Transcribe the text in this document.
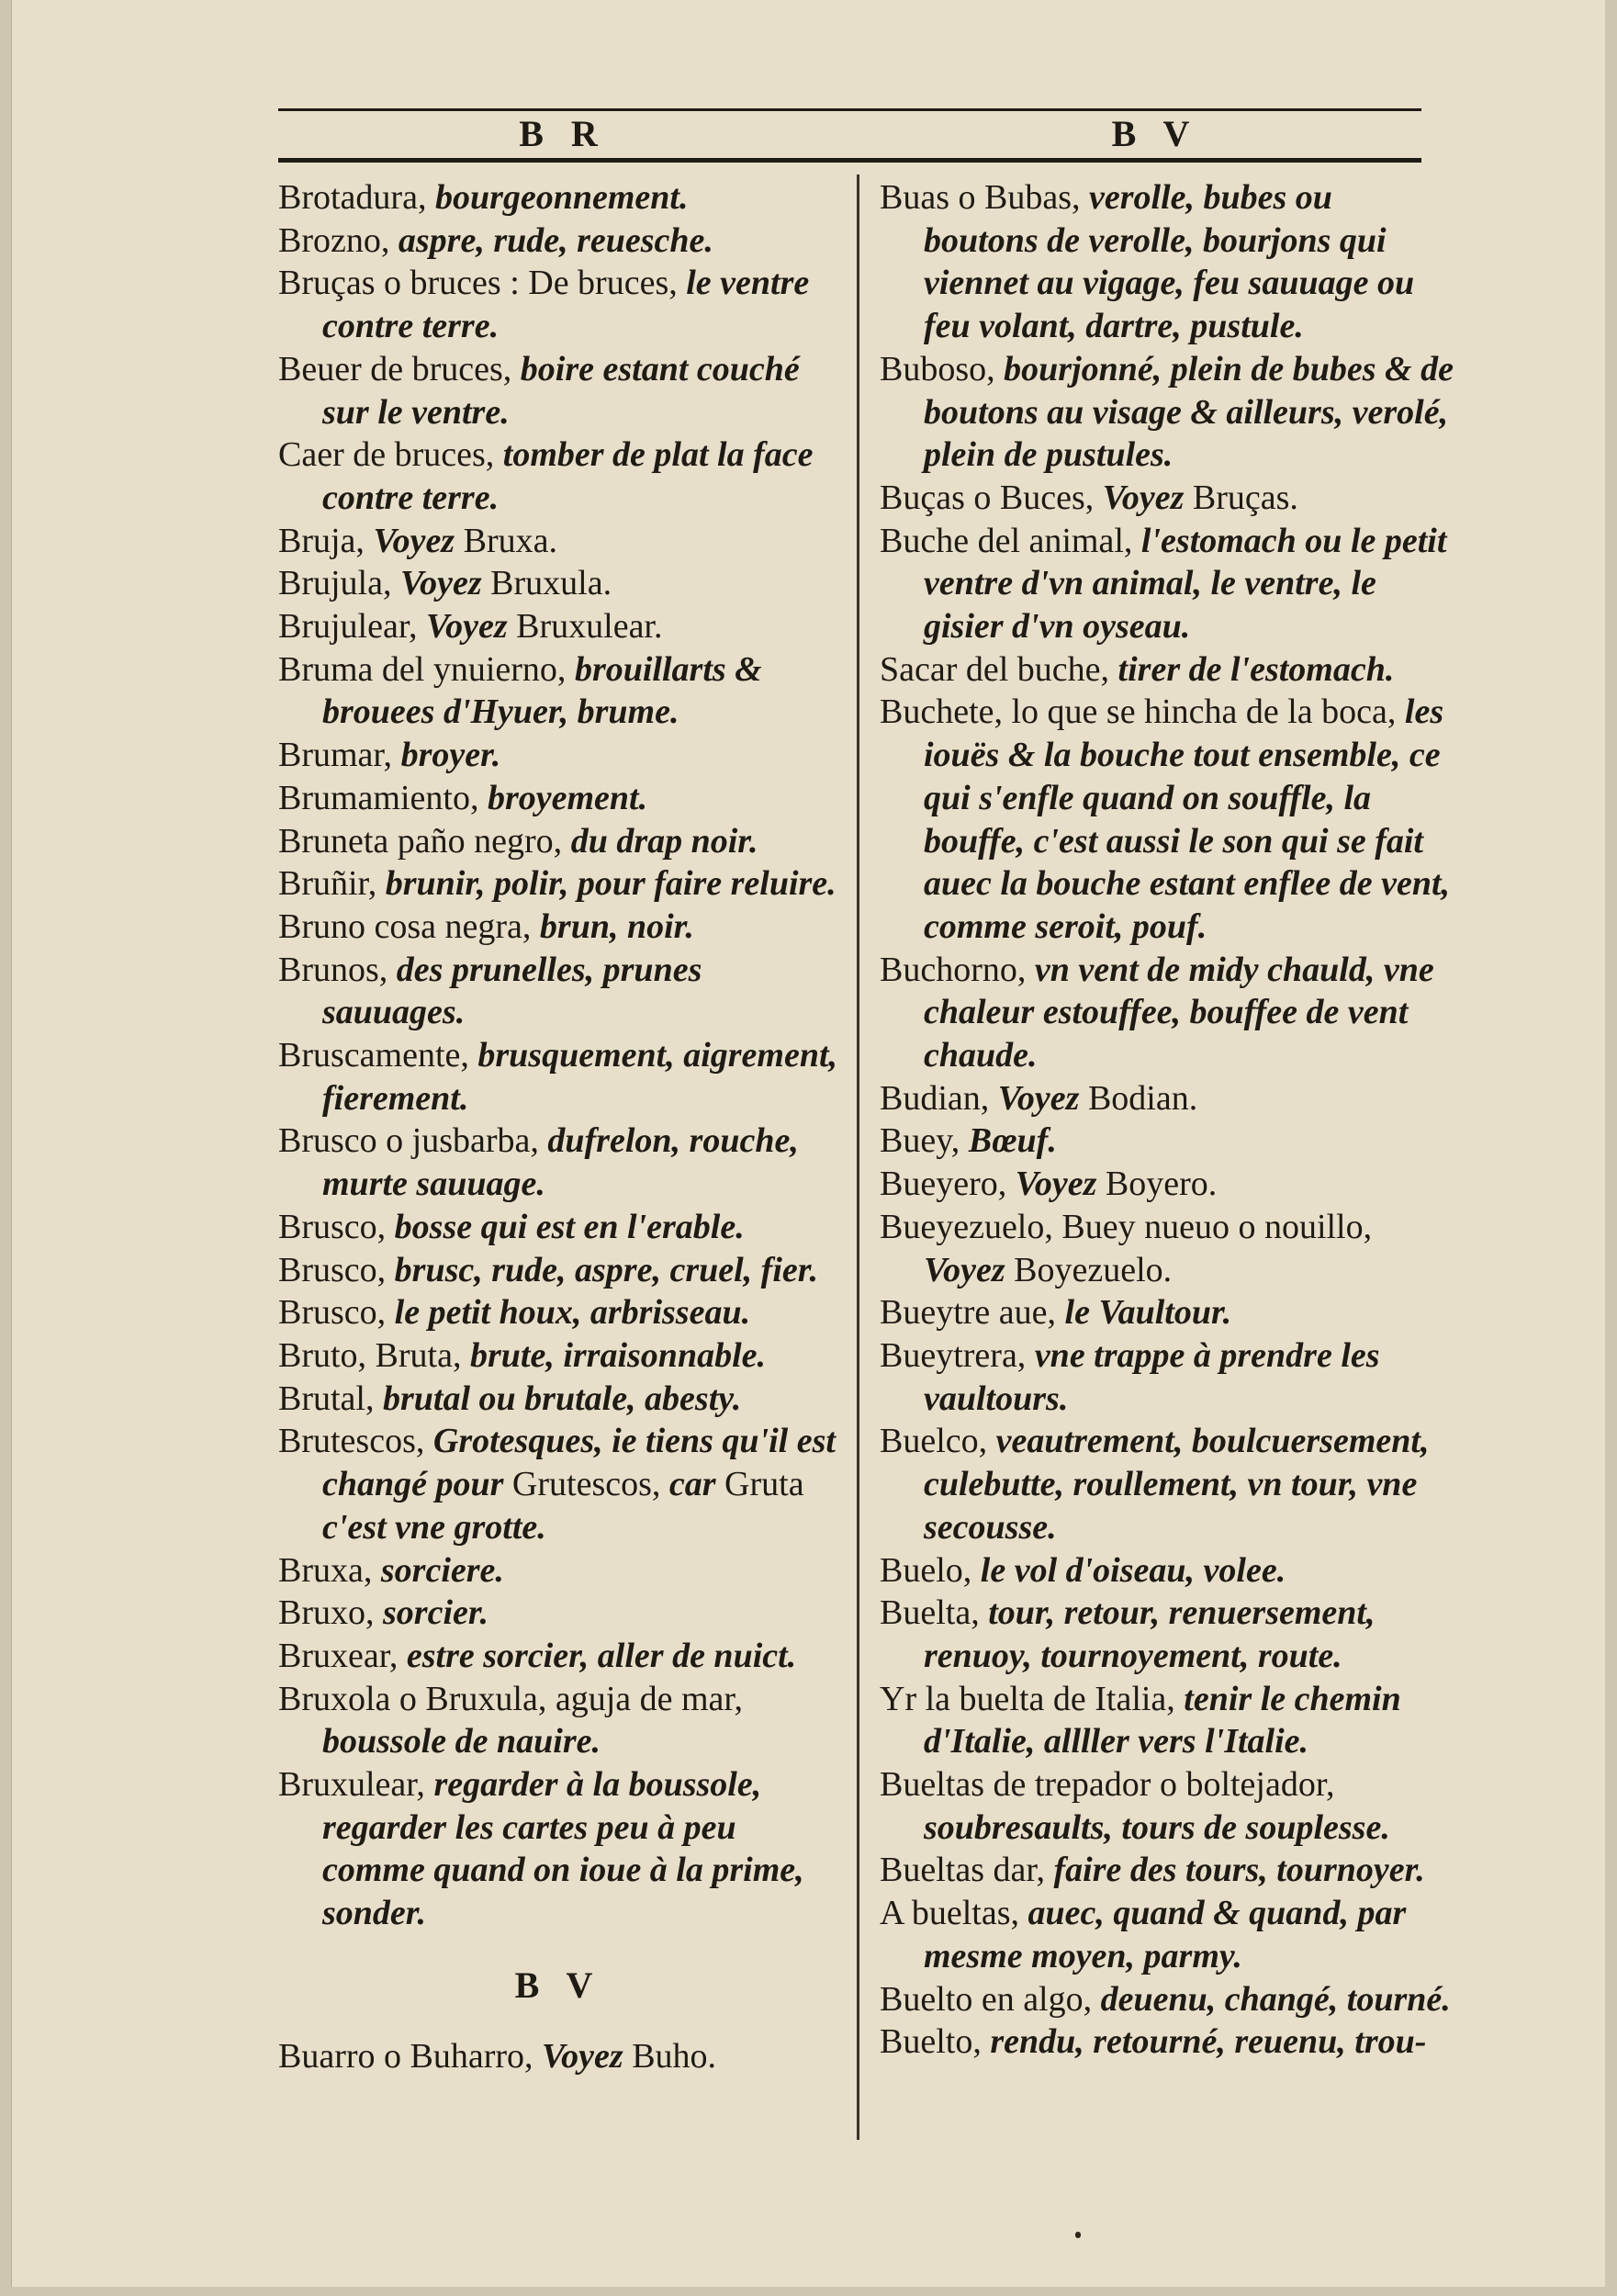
B R	B V

Brotadura, bourgeonnement.

Brozno, aspre, rude, reuesche.

Bruças o bruces : De bruces, le ventre contre terre.

Beuer de bruces, boire estant couché sur le ventre.

Caer de bruces, tomber de plat la face contre terre.

Bruja, Voyez Bruxa.

Brujula, Voyez Bruxula.

Brujulear, Voyez Bruxulear.

Bruma del ynuierno, brouillarts & brouees d'Hyuer, brume.

Brumar, broyer.

Brumamiento, broyement.

Bruneta paño negro, du drap noir.

Bruñir, brunir, polir, pour faire reluire.

Bruno cosa negra, brun, noir.

Brunos, des prunelles, prunes sauuages.

Bruscamente, brusquement, aigrement, fierement.

Brusco o jusbarba, dufrelon, rouche, murte sauuage.

Brusco, bosse qui est en l'erable.

Brusco, brusc, rude, aspre, cruel, fier.

Brusco, le petit houx, arbrisseau.

Bruto, Bruta, brute, irraisonnable.

Brutal, brutal ou brutale, abesty.

Brutescos, Grotesques, ie tiens qu'il est changé pour Grutescos, car Gruta c'est vne grotte.

Bruxa, sorciere.

Bruxo, sorcier.

Bruxear, estre sorcier, aller de nuict.

Bruxola o Bruxula, aguja de mar, boussole de nauire.

Bruxulear, regarder à la boussole, regarder les cartes peu à peu comme quand on ioue à la prime, sonder.

B V

Buarro o Buharro, Voyez Buho.

Buas o Bubas, verolle, bubes ou boutons de verolle, bourjons qui viennet au vigage, feu sauuage ou feu volant, dartre, pustule.

Buboso, bourjonné, plein de bubes & de boutons au visage & ailleurs, verolé, plein de pustules.

Buças o Buces, Voyez Bruças.

Buche del animal, l'estomach ou le petit ventre d'vn animal, le ventre, le gisier d'vn oyseau.

Sacar del buche, tirer de l'estomach.

Buchete, lo que se hincha de la boca, les iouës & la bouche tout ensemble, ce qui s'enfle quand on souffle, la bouffe, c'est aussi le son qui se fait auec la bouche estant enflee de vent, comme seroit, pouf.

Buchorno, vn vent de midy chauld, vne chaleur estouffee, bouffee de vent chaude.

Budian, Voyez Bodian.

Buey, Bœuf.

Bueyero, Voyez Boyero.

Bueyezuelo, Buey nueuo o nouillo, Voyez Boyezuelo.

Bueytre aue, le Vaultour.

Bueytrera, vne trappe à prendre les vaultours.

Buelco, veautrement, boulcuersement, culebutte, roullement, vn tour, vne secousse.

Buelo, le vol d'oiseau, volee.

Buelta, tour, retour, renuersement, renuoy, tournoyement, route.

Yr la buelta de Italia, tenir le chemin d'Italie, allller vers l'Italie.

Bueltas de trepador o boltejador, soubresaults, tours de souplesse.

Bueltas dar, faire des tours, tournoyer.

A bueltas, auec, quand & quand, par mesme moyen, parmy.

Buelto en algo, deuenu, changé, tourné.

Buelto, rendu, retourné, reuenu, trou-
